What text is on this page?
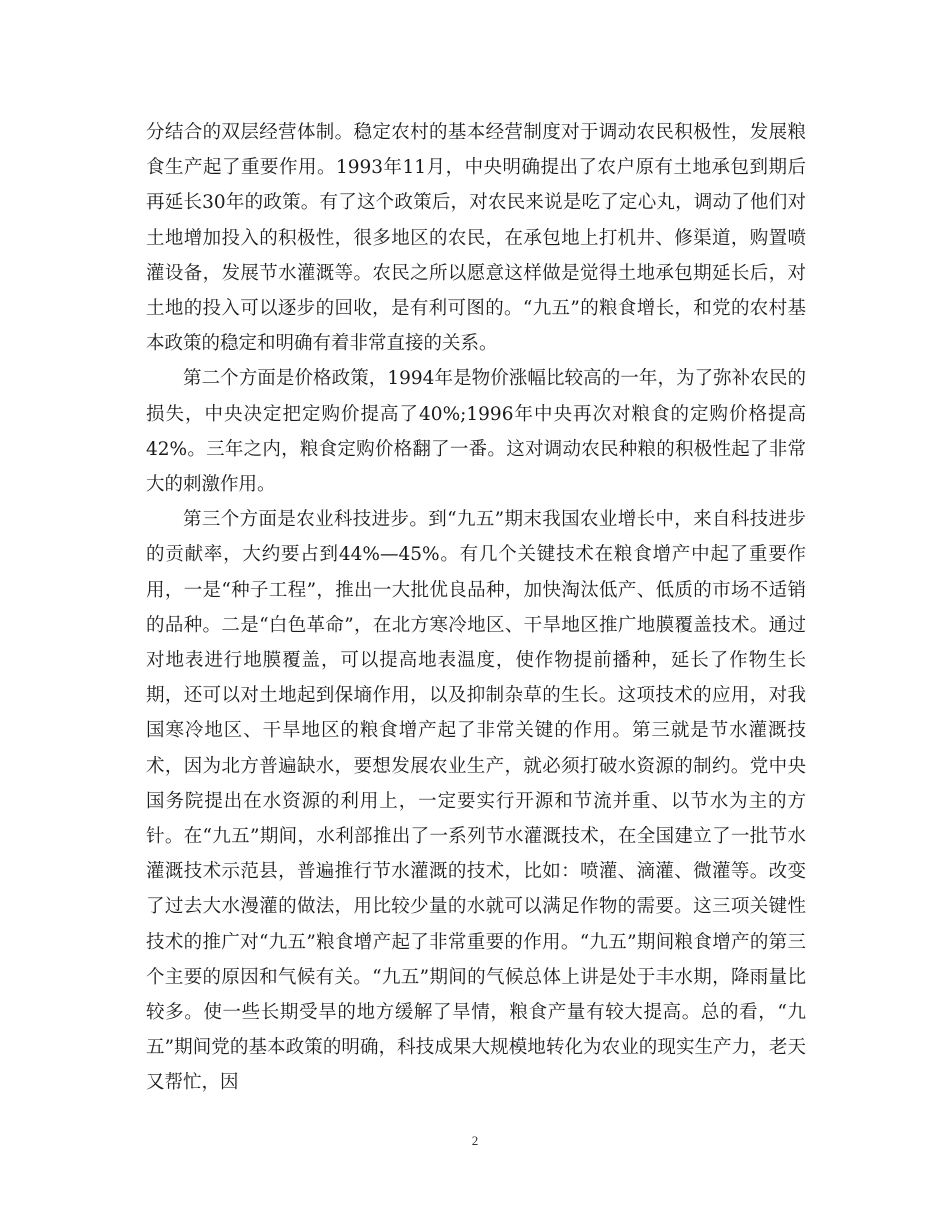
分结合的双层经营体制。稳定农村的基本经营制度对于调动农民积极性，发展粮食生产起了重要作用。1993年11月，中央明确提出了农户原有土地承包到期后再延长30年的政策。有了这个政策后，对农民来说是吃了定心丸，调动了他们对土地增加投入的积极性，很多地区的农民，在承包地上打机井、修渠道，购置喷灌设备，发展节水灌溉等。农民之所以愿意这样做是觉得土地承包期延长后，对土地的投入可以逐步的回收，是有利可图的。“九五”的粮食增长，和党的农村基本政策的稳定和明确有着非常直接的关系。

第二个方面是价格政策，1994年是物价涨幅比较高的一年，为了弥补农民的损失，中央决定把定购价提高了40%;1996年中央再次对粮食的定购价格提高42%。三年之内，粮食定购价格翻了一番。这对调动农民种粮的积极性起了非常大的刺激作用。

第三个方面是农业科技进步。到“九五”期末我国农业增长中，来自科技进步的贡献率，大约要占到44%—45%。有几个关键技术在粮食增产中起了重要作用，一是“种子工程”，推出一大批优良品种，加快淘汰低产、低质的市场不适销的品种。二是“白色革命”，在北方寒冷地区、干旱地区推广地膜覆盖技术。通过对地表进行地膜覆盖，可以提高地表温度，使作物提前播种，延长了作物生长期，还可以对土地起到保墒作用，以及抑制杂草的生长。这项技术的应用，对我国寒冷地区、干旱地区的粮食增产起了非常关键的作用。第三就是节水灌溉技术，因为北方普遍缺水，要想发展农业生产，就必须打破水资源的制约。党中央国务院提出在水资源的利用上，一定要实行开源和节流并重、以节水为主的方针。在“九五”期间，水利部推出了一系列节水灌溉技术，在全国建立了一批节水灌溉技术示范县，普遍推行节水灌溉的技术，比如：喷灌、滴灌、微灌等。改变了过去大水漫灌的做法，用比较少量的水就可以满足作物的需要。这三项关键性技术的推广对“九五”粮食增产起了非常重要的作用。“九五”期间粮食增产的第三个主要的原因和气候有关。“九五”期间的气候总体上讲是处于丰水期，降雨量比较多。使一些长期受旱的地方缓解了旱情，粮食产量有较大提高。总的看，“九五”期间党的基本政策的明确，科技成果大规模地转化为农业的现实生产力，老天又帮忙，因

2
